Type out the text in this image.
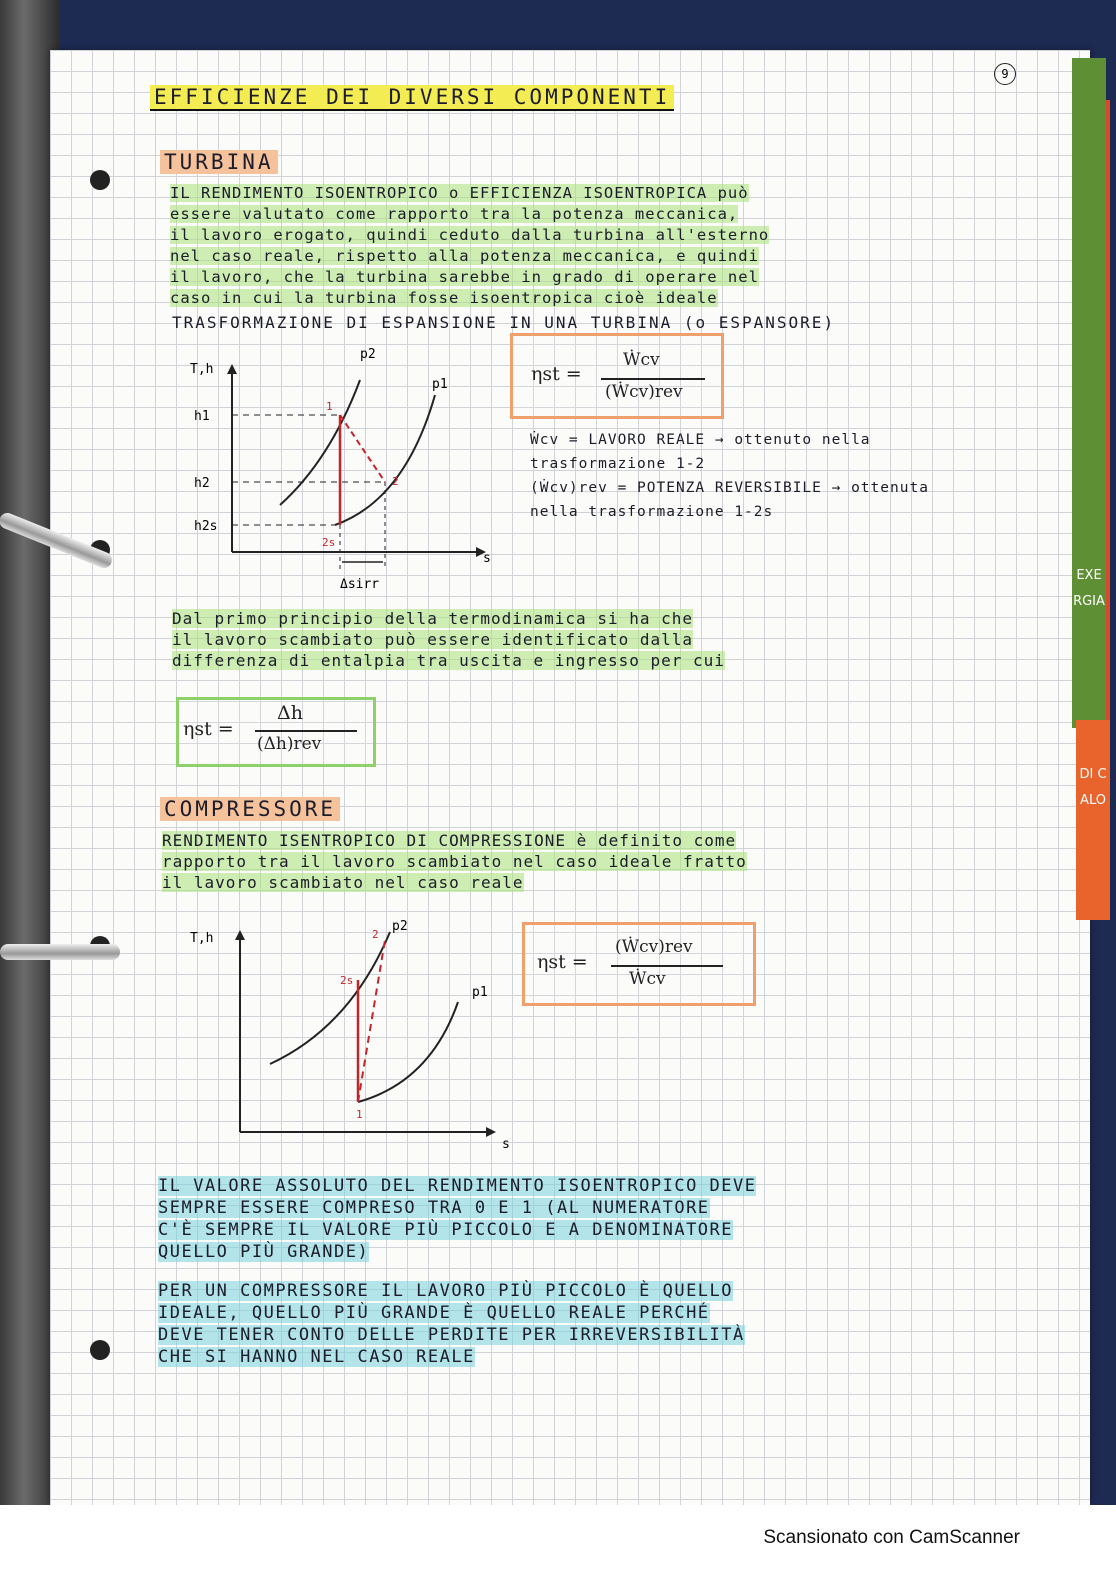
EXERGIA
DI CALO
9
EFFICIENZE DEI DIVERSI COMPONENTI
TURBINA
IL RENDIMENTO ISOENTROPICO o EFFICIENZA ISOENTROPICA può
essere valutato come rapporto tra la potenza meccanica,
il lavoro erogato, quindi ceduto dalla turbina all'esterno
nel caso reale, rispetto alla potenza meccanica, e quindi
il lavoro, che la turbina sarebbe in grado di operare nel
caso in cui la turbina fosse isoentropica cioè ideale
TRASFORMAZIONE DI ESPANSIONE IN UNA TURBINA (o ESPANSORE)
T,h
s
p2
p1
h1
h2
h2s
1
2
2s
Δsirr
ηst =
Ẇcv
(Ẇcv)rev
Ẇcv = LAVORO REALE → ottenuto nella
trasformazione 1-2
(Ẇcv)rev = POTENZA REVERSIBILE → ottenuta
nella trasformazione 1-2s
Dal primo principio della termodinamica si ha che
il lavoro scambiato può essere identificato dalla
differenza di entalpia tra uscita e ingresso per cui
ηst =
Δh
(Δh)rev
COMPRESSORE
RENDIMENTO ISENTROPICO DI COMPRESSIONE è definito come
rapporto tra il lavoro scambiato nel caso ideale fratto
il lavoro scambiato nel caso reale
T,h
s
p2
p1
2
2s
1
ηst =
(Ẇcv)rev
Ẇcv
IL VALORE ASSOLUTO DEL RENDIMENTO ISOENTROPICO DEVE
SEMPRE ESSERE COMPRESO TRA 0 E 1 (AL NUMERATORE
C'È SEMPRE IL VALORE PIÙ PICCOLO E A DENOMINATORE
QUELLO PIÙ GRANDE)
PER UN COMPRESSORE IL LAVORO PIÙ PICCOLO È QUELLO
IDEALE, QUELLO PIÙ GRANDE È QUELLO REALE PERCHÉ
DEVE TENER CONTO DELLE PERDITE PER IRREVERSIBILITÀ
CHE SI HANNO NEL CASO REALE
Scansionato con CamScanner
